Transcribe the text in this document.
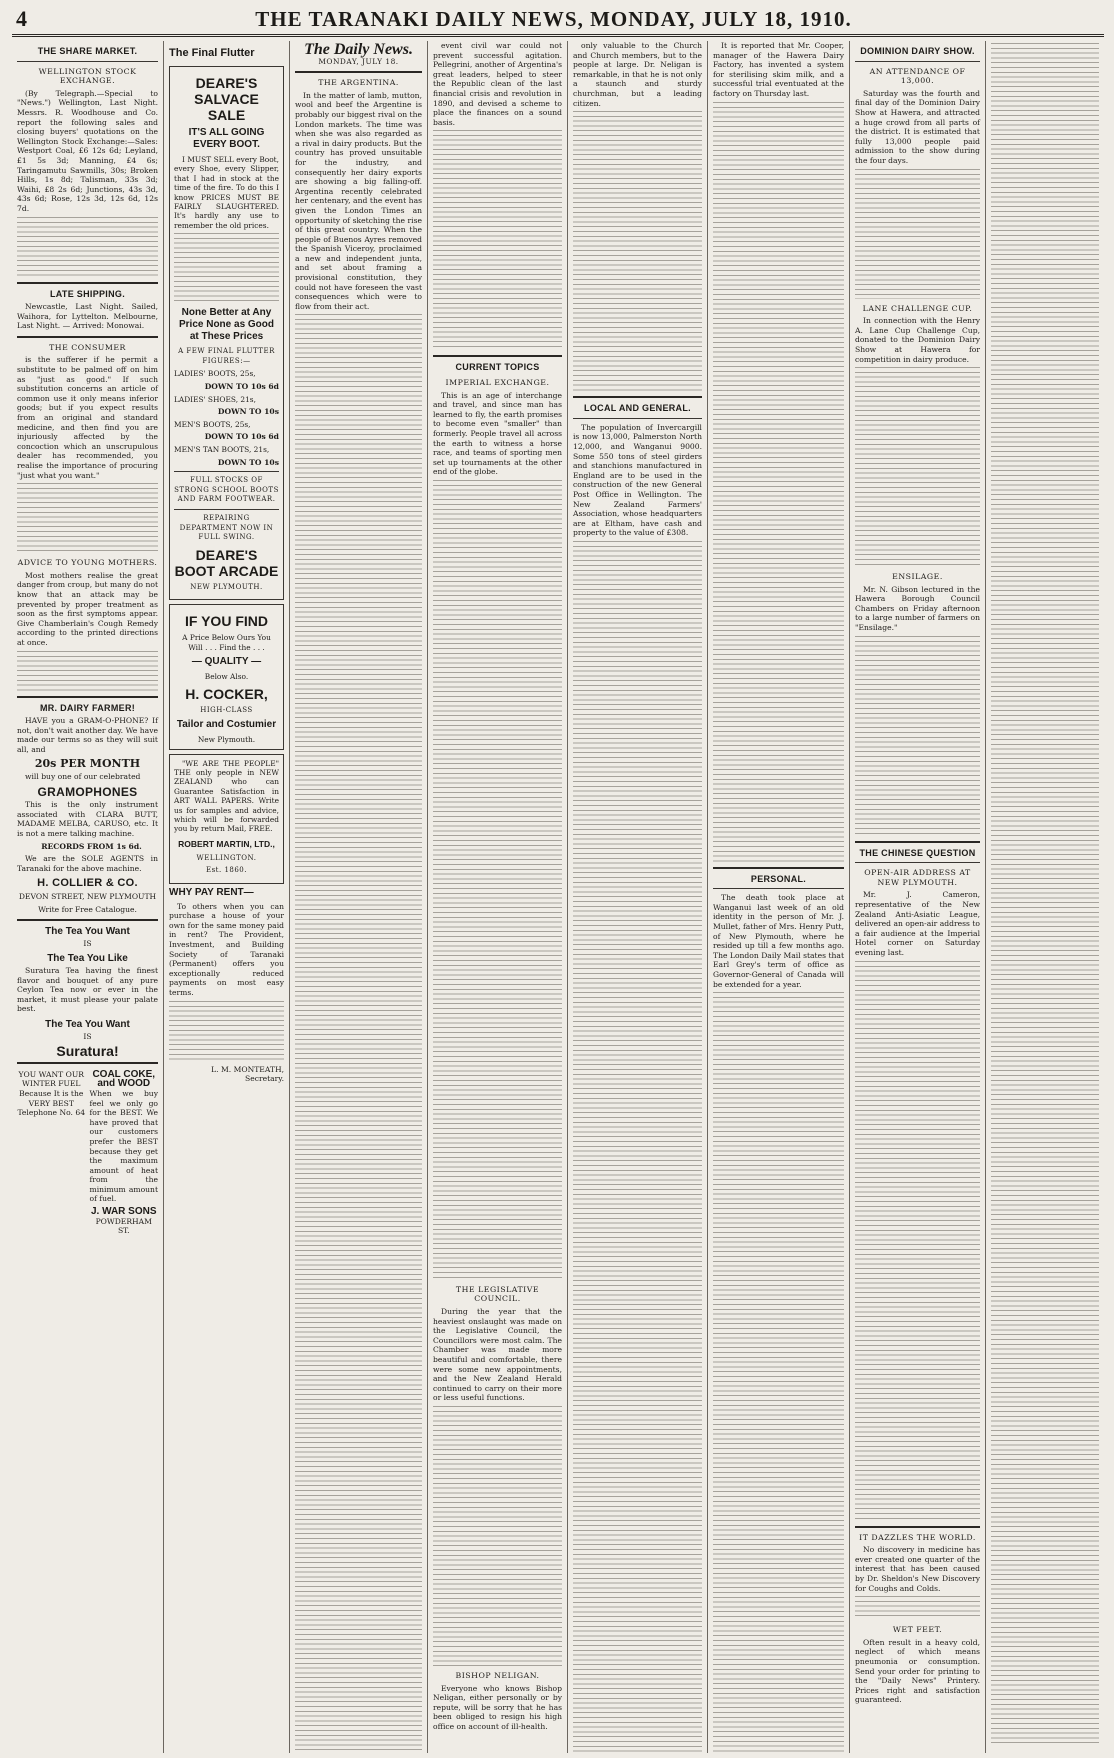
4	THE TARANAKI DAILY NEWS, MONDAY, JULY 18, 1910.
THE SHARE MARKET.
WELLINGTON STOCK EXCHANGE.

(By Telegraph.—Special to "News.") Wellington, Last Night. Messrs. R. Woodhouse and Co. report the following sales and closing buyers' quotations on the Wellington Stock Exchange:—Sales: Westport Coal, £6 12s 6d; Leyland, £1 5s 3d; Manning, £4 6s; Taringamutu Sawmills, 30s; Broken Hills, 1s 8d; Talisman, 33s 3d; Waihi, £8 2s 6d; Junctions, 43s 3d, 43s 6d; Rose, 12s 3d, 12s 6d, 12s 7d.

LATE SHIPPING.

Newcastle, Last Night. Sailed, Waihora, for Lyttelton. Melbourne, Last Night. — Arrived: Monowai.

THE CONSUMER

is the sufferer if he permit a substitute to be palmed off on him as "just as good." If such substitution concerns an article of common use it only means inferior goods; but if you expect results from an original and standard medicine, and then find you are injuriously affected by the concoction which an unscrupulous dealer has recommended, you realise the importance of procuring "just what you want."

ADVICE TO YOUNG MOTHERS.

Most mothers realise the great danger from croup, but many do not know that an attack may be prevented by proper treatment as soon as the first symptoms appear. Give Chamberlain's Cough Remedy according to the printed directions at once.

MR. DAIRY FARMER!

HAVE you a GRAM-O-PHONE? If not, don't wait another day. We have made our terms so as they will suit all, and

20s PER MONTH

will buy one of our celebrated

GRAMOPHONES

This is the only instrument associated with CLARA BUTT, MADAME MELBA, CARUSO, etc. It is not a mere talking machine.

RECORDS FROM 1s 6d.

We are the SOLE AGENTS in Taranaki for the above machine.

H. COLLIER & CO.

DEVON STREET, NEW PLYMOUTH

Write for Free Catalogue.

The Tea You Want
IS
The Tea You Like

Suratura Tea having the finest flavor and bouquet of any pure Ceylon Tea now or ever in the market, it must please your palate best.

The Tea You Want
IS
Suratura!
YOU WANT OUR WINTER FUEL Because It is the VERY BEST Telephone No. 64
COAL COKE, and WOOD

When we buy feel we only go for the BEST. We have proved that our customers prefer the BEST because they get the maximum amount of heat from the minimum amount of fuel.

J. WAR SONS
POWDERHAM ST.
The Final Flutter
DEARE'S SALVACE SALE
IT'S ALL GOING EVERY BOOT.

I MUST SELL every Boot, every Shoe, every Slipper, that I had in stock at the time of the fire. To do this I know PRICES MUST BE FAIRLY SLAUGHTERED. It's hardly any use to remember the old prices.

None Better at Any Price None as Good at These Prices
A FEW FINAL FLUTTER FIGURES:—
LADIES' BOOTS, 25s,
DOWN TO 10s 6d
LADIES' SHOES, 21s,
DOWN TO 10s
MEN'S BOOTS, 25s,
DOWN TO 10s 6d
MEN'S TAN BOOTS, 21s,
DOWN TO 10s
FULL STOCKS OF STRONG SCHOOL BOOTS AND FARM FOOTWEAR.
REPAIRING DEPARTMENT NOW IN FULL SWING.
DEARE'S BOOT ARCADE
NEW PLYMOUTH.
IF YOU FIND
A Price Below Ours You Will . . . Find the . . .
— QUALITY —
Below Also.
H. COCKER,
HIGH-CLASS
Tailor and Costumier
New Plymouth.

"WE ARE THE PEOPLE" THE only people in NEW ZEALAND who can Guarantee Satisfaction in ART WALL PAPERS. Write us for samples and advice, which will be forwarded you by return Mail, FREE.

ROBERT MARTIN, LTD.,
WELLINGTON.
Est. 1860.
WHY PAY RENT—

To others when you can purchase a house of your own for the same money paid in rent? The Provident, Investment, and Building Society of Taranaki (Permanent) offers you exceptionally reduced payments on most easy terms.

L. M. MONTEATH, Secretary.

The Daily News.
MONDAY, JULY 18.
THE ARGENTINA.

In the matter of lamb, mutton, wool and beef the Argentine is probably our biggest rival on the London markets. The time was when she was also regarded as a rival in dairy products. But the country has proved unsuitable for the industry, and consequently her dairy exports are showing a big falling-off. Argentina recently celebrated her centenary, and the event has given the London Times an opportunity of sketching the rise of this great country. When the people of Buenos Ayres removed the Spanish Viceroy, proclaimed a new and independent junta, and set about framing a provisional constitution, they could not have foreseen the vast consequences which were to flow from their act.

event civil war could not prevent successful agitation. Pellegrini, another of Argentina's great leaders, helped to steer the Republic clean of the last financial crisis and revolution in 1890, and devised a scheme to place the finances on a sound basis.

CURRENT TOPICS
IMPERIAL EXCHANGE.

This is an age of interchange and travel, and since man has learned to fly, the earth promises to become even "smaller" than formerly. People travel all across the earth to witness a horse race, and teams of sporting men set up tournaments at the other end of the globe.

THE LEGISLATIVE COUNCIL.

During the year that the heaviest onslaught was made on the Legislative Council, the Councillors were most calm. The Chamber was made more beautiful and comfortable, there were some new appointments, and the New Zealand Herald continued to carry on their more or less useful functions.

BISHOP NELIGAN.

Everyone who knows Bishop Neligan, either personally or by repute, will be sorry that he has been obliged to resign his high office on account of ill-health.

only valuable to the Church and Church members, but to the people at large. Dr. Neligan is remarkable, in that he is not only a staunch and sturdy churchman, but a leading citizen.

LOCAL AND GENERAL.

The population of Invercargill is now 13,000, Palmerston North 12,000, and Wanganui 9000. Some 550 tons of steel girders and stanchions manufactured in England are to be used in the construction of the new General Post Office in Wellington. The New Zealand Farmers' Association, whose headquarters are at Eltham, have cash and property to the value of £308.

It is reported that Mr. Cooper, manager of the Hawera Dairy Factory, has invented a system for sterilising skim milk, and a successful trial eventuated at the factory on Thursday last.

PERSONAL.

The death took place at Wanganui last week of an old identity in the person of Mr. J. Mullet, father of Mrs. Henry Putt, of New Plymouth, where he resided up till a few months ago. The London Daily Mail states that Earl Grey's term of office as Governor-General of Canada will be extended for a year.

DOMINION DAIRY SHOW.
AN ATTENDANCE OF 13,000.

Saturday was the fourth and final day of the Dominion Dairy Show at Hawera, and attracted a huge crowd from all parts of the district. It is estimated that fully 13,000 people paid admission to the show during the four days.

LANE CHALLENGE CUP.

In connection with the Henry A. Lane Cup Challenge Cup, donated to the Dominion Dairy Show at Hawera for competition in dairy produce.

ENSILAGE.

Mr. N. Gibson lectured in the Hawera Borough Council Chambers on Friday afternoon to a large number of farmers on "Ensilage."

THE CHINESE QUESTION
OPEN-AIR ADDRESS AT NEW PLYMOUTH.

Mr. J. Cameron, representative of the New Zealand Anti-Asiatic League, delivered an open-air address to a fair audience at the Imperial Hotel corner on Saturday evening last.

IT DAZZLES THE WORLD.

No discovery in medicine has ever created one quarter of the interest that has been caused by Dr. Sheldon's New Discovery for Coughs and Colds.

WET FEET.

Often result in a heavy cold, neglect of which means pneumonia or consumption. Send your order for printing to the "Daily News" Printery. Prices right and satisfaction guaranteed.
